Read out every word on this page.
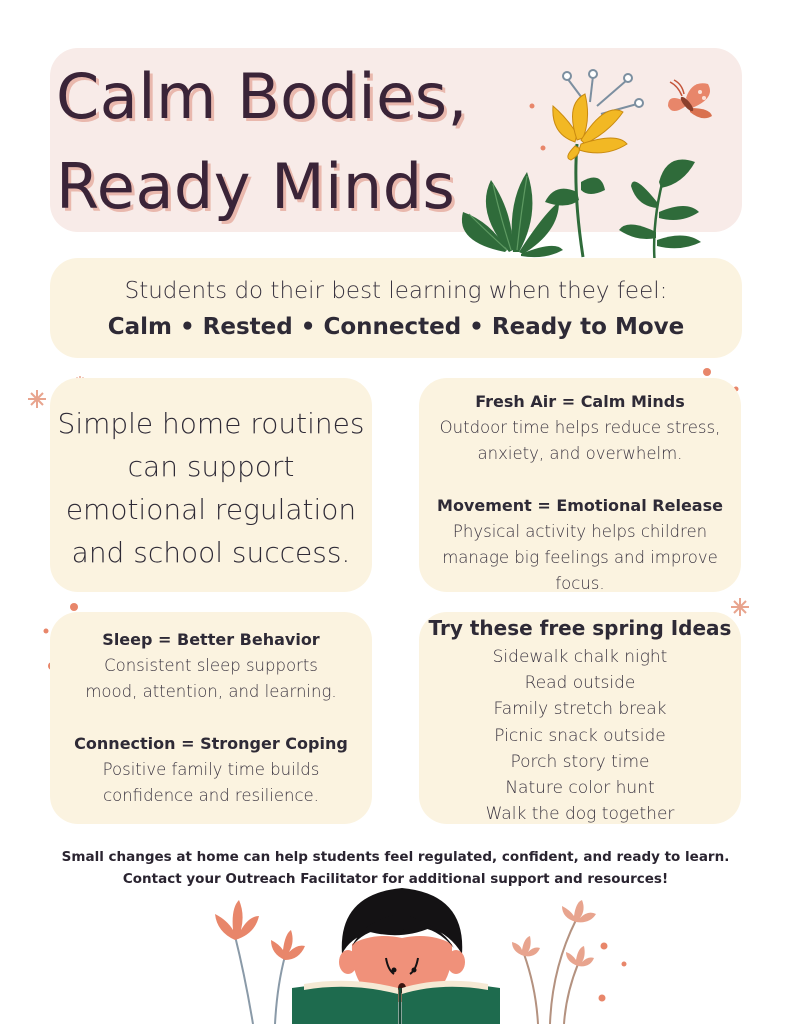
Calm Bodies,
Ready Minds
Students do their best learning when they feel:
Calm • Rested • Connected • Ready to Move
Simple home routines
can support
emotional regulation
and school success.
Fresh Air = Calm Minds
Outdoor time helps reduce stress,
anxiety, and overwhelm.
Movement = Emotional Release
Physical activity helps children
manage big feelings and improve
focus.
Sleep = Better Behavior
Consistent sleep supports
mood, attention, and learning.
Connection = Stronger Coping
Positive family time builds
confidence and resilience.
Try these free spring Ideas
Sidewalk chalk night
Read outside
Family stretch break
Picnic snack outside
Porch story time
Nature color hunt
Walk the dog together
Small changes at home can help students feel regulated, confident, and ready to learn.
Contact your Outreach Facilitator for additional support and resources!
